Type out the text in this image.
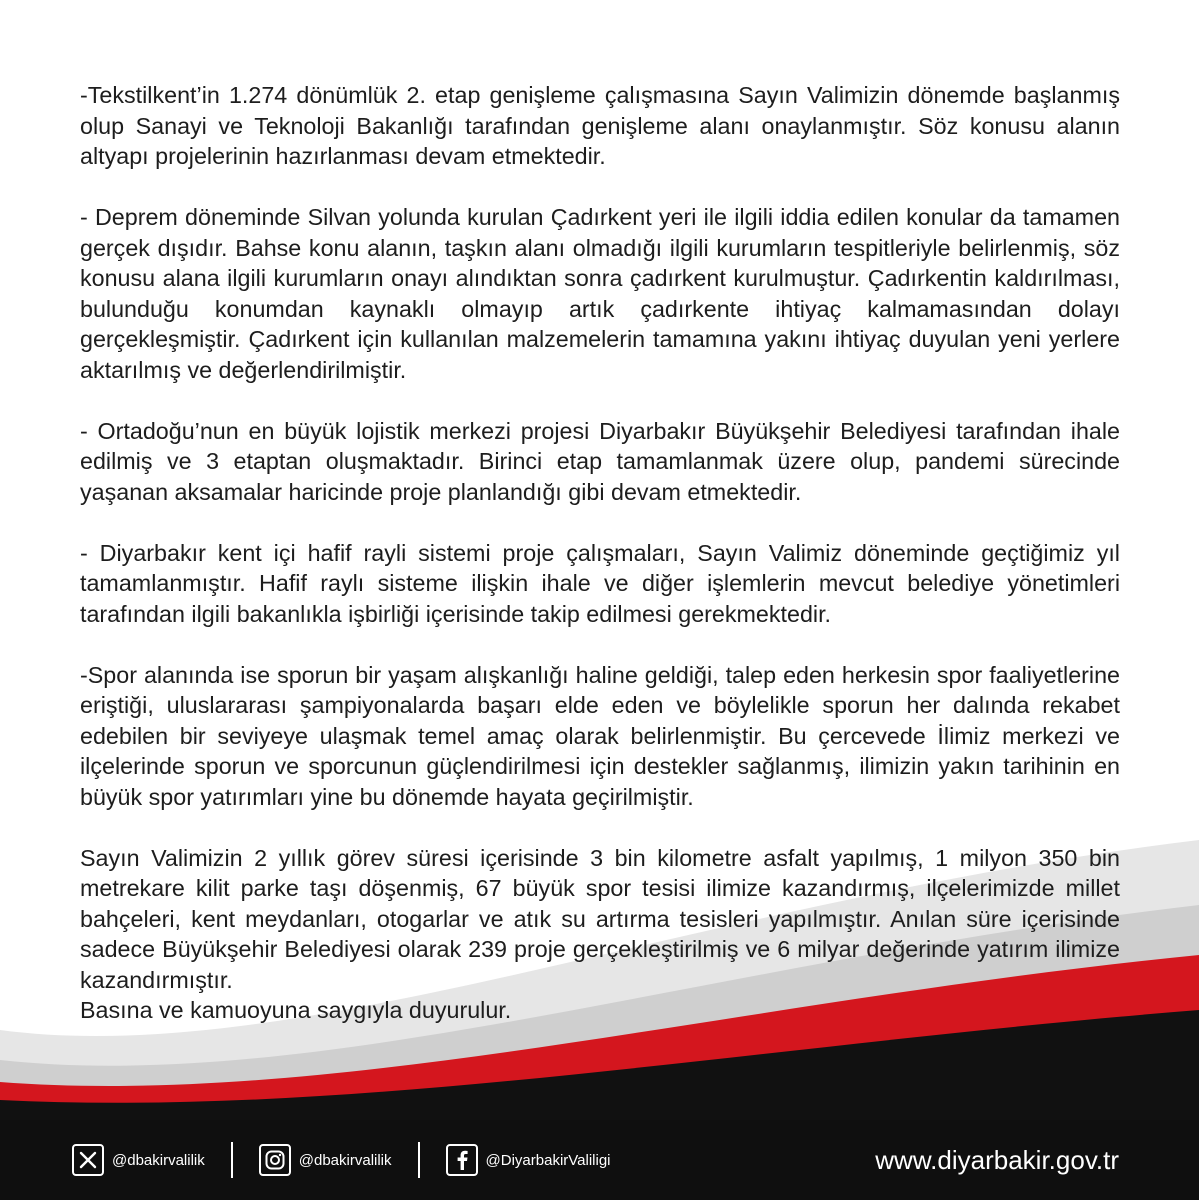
-Tekstilkent’in 1.274 dönümlük 2. etap genişleme çalışmasına Sayın Valimizin dönemde başlanmış olup Sanayi ve Teknoloji Bakanlığı tarafından genişleme alanı onaylanmıştır. Söz konusu alanın altyapı projelerinin hazırlanması devam etmektedir.

- Deprem döneminde Silvan yolunda kurulan Çadırkent yeri ile ilgili iddia edilen konular da tamamen gerçek dışıdır. Bahse konu alanın, taşkın alanı olmadığı ilgili kurumların tespitleriyle belirlenmiş, söz konusu alana ilgili kurumların onayı alındıktan sonra çadırkent kurulmuştur. Çadırkentin kaldırılması, bulunduğu konumdan kaynaklı olmayıp artık çadırkente ihtiyaç kalmamasından dolayı gerçekleşmiştir. Çadırkent için kullanılan malzemelerin tamamına yakını ihtiyaç duyulan yeni yerlere aktarılmış ve değerlendirilmiştir.

- Ortadoğu’nun en büyük lojistik merkezi projesi Diyarbakır Büyükşehir Belediyesi tarafından ihale edilmiş ve 3 etaptan oluşmaktadır. Birinci etap tamamlanmak üzere olup, pandemi sürecinde yaşanan aksamalar haricinde proje planlandığı gibi devam etmektedir.

- Diyarbakır kent içi hafif rayli sistemi proje çalışmaları, Sayın Valimiz döneminde geçtiğimiz yıl tamamlanmıştır. Hafif raylı sisteme ilişkin ihale ve diğer işlemlerin mevcut belediye yönetimleri tarafından ilgili bakanlıkla işbirliği içerisinde takip edilmesi gerekmektedir.

-Spor alanında ise sporun bir yaşam alışkanlığı haline geldiği, talep eden herkesin spor faaliyetlerine eriştiği, uluslararası şampiyonalarda başarı elde eden ve böylelikle sporun her dalında rekabet edebilen bir seviyeye ulaşmak temel amaç olarak belirlenmiştir. Bu çercevede İlimiz merkezi ve ilçelerinde sporun ve sporcunun güçlendirilmesi için destekler sağlanmış, ilimizin yakın tarihinin en büyük spor yatırımları yine bu dönemde hayata geçirilmiştir.

Sayın Valimizin 2 yıllık görev süresi içerisinde 3 bin kilometre asfalt yapılmış, 1 milyon 350 bin metrekare kilit parke taşı döşenmiş, 67 büyük spor tesisi ilimize kazandırmış, ilçelerimizde millet bahçeleri, kent meydanları, otogarlar ve atık su artırma tesisleri yapılmıştır. Anılan süre içerisinde sadece Büyükşehir Belediyesi olarak 239 proje gerçekleştirilmiş ve 6 milyar değerinde yatırım ilimize kazandırmıştır.

Basına ve kamuoyuna saygıyla duyurulur.

@dbakirvalilik	@dbakirvalilik	@DiyarbakirValiligi	www.diyarbakir.gov.tr
